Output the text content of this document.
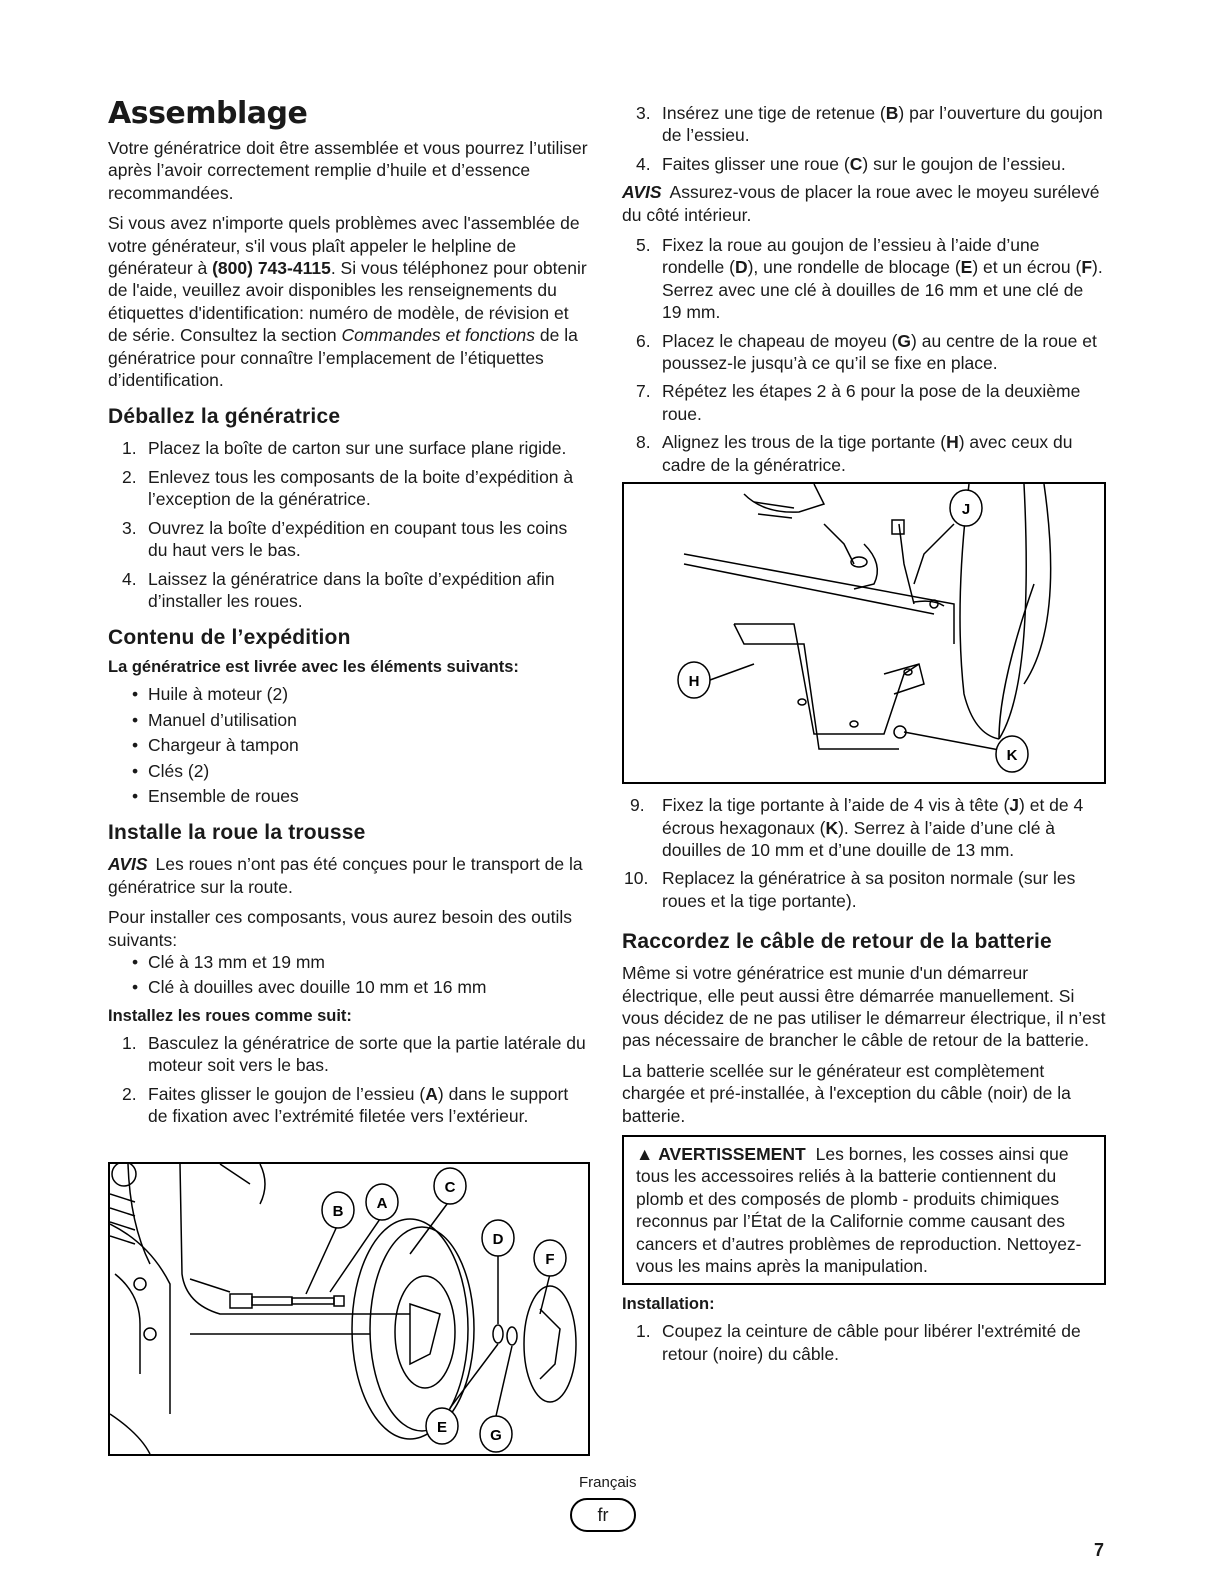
Assemblage

Votre génératrice doit être assemblée et vous pourrez l’utiliser après l’avoir correctement remplie d’huile et d’essence recommandées.

Si vous avez n'importe quels problèmes avec l'assemblée de votre générateur, s'il vous plaît appeler le helpline de générateur à (800) 743-4115. Si vous téléphonez pour obtenir de l'aide, veuillez avoir disponibles les renseignements du étiquettes d'identification: numéro de modèle, de révision et de série. Consultez la section Commandes et fonctions de la génératrice pour connaître l’emplacement de l’étiquettes d’identification.

Déballez la génératrice
1. Placez la boîte de carton sur une surface plane rigide.
2. Enlevez tous les composants de la boite d’expédition à l’exception de la génératrice.
3. Ouvrez la boîte d’expédition en coupant tous les coins du haut vers le bas.
4. Laissez la génératrice dans la boîte d’expédition afin d’installer les roues.
Contenu de l’expédition
La génératrice est livrée avec les éléments suivants:
• Huile à moteur (2)
• Manuel d’utilisation
• Chargeur à tampon
• Clés (2)
• Ensemble de roues
Installe la roue la trousse

AVIS Les roues n’ont pas été conçues pour le transport de la génératrice sur la route.

Pour installer ces composants, vous aurez besoin des outils suivants:

• Clé à 13 mm et 19 mm
• Clé à douilles avec douille 10 mm et 16 mm
Installez les roues comme suit:
1. Basculez la génératrice de sorte que la partie latérale du moteur soit vers le bas.
2. Faites glisser le goujon de l’essieu (A) dans le support de fixation avec l’extrémité filetée vers l’extérieur.
B A
C
D
F
E	G
3. Insérez une tige de retenue (B) par l’ouverture du goujon de l’essieu.
4. Faites glisser une roue (C) sur le goujon de l’essieu.

AVIS Assurez-vous de placer la roue avec le moyeu surélevé du côté intérieur.

5. Fixez la roue au goujon de l’essieu à l’aide d’une rondelle (D), une rondelle de blocage (E) et un écrou (F). Serrez avec une clé à douilles de 16 mm et une clé de 19 mm.
6. Placez le chapeau de moyeu (G) au centre de la roue et poussez-le jusqu’à ce qu’il se fixe en place.
7. Répétez les étapes 2 à 6 pour la pose de la deuxième roue.
8. Alignez les trous de la tige portante (H) avec ceux du cadre de la génératrice.
J
H
K
9. Fixez la tige portante à l’aide de 4 vis à tête (J) et de 4 écrous hexagonaux (K). Serrez à l’aide d’une clé à douilles de 10 mm et d’une douille de 13 mm.
10. Replacez la génératrice à sa positon normale (sur les roues et la tige portante).
Raccordez le câble de retour de la batterie

Même si votre génératrice est munie d'un démarreur électrique, elle peut aussi être démarrée manuellement. Si vous décidez de ne pas utiliser le démarreur électrique, il n’est pas nécessaire de brancher le câble de retour de la batterie.

La batterie scellée sur le générateur est complètement chargée et pré-installée, à l'exception du câble (noir) de la batterie.

▲ AVERTISSEMENT Les bornes, les cosses ainsi que tous les accessoires reliés à la batterie contiennent du plomb et des composés de plomb - produits chimiques reconnus par l’État de la Californie comme causant des cancers et d’autres problèmes de reproduction. Nettoyez-vous les mains après la manipulation.

Installation:
1. Coupez la ceinture de câble pour libérer l'extrémité de retour (noire) du câble.
Français
fr
7
